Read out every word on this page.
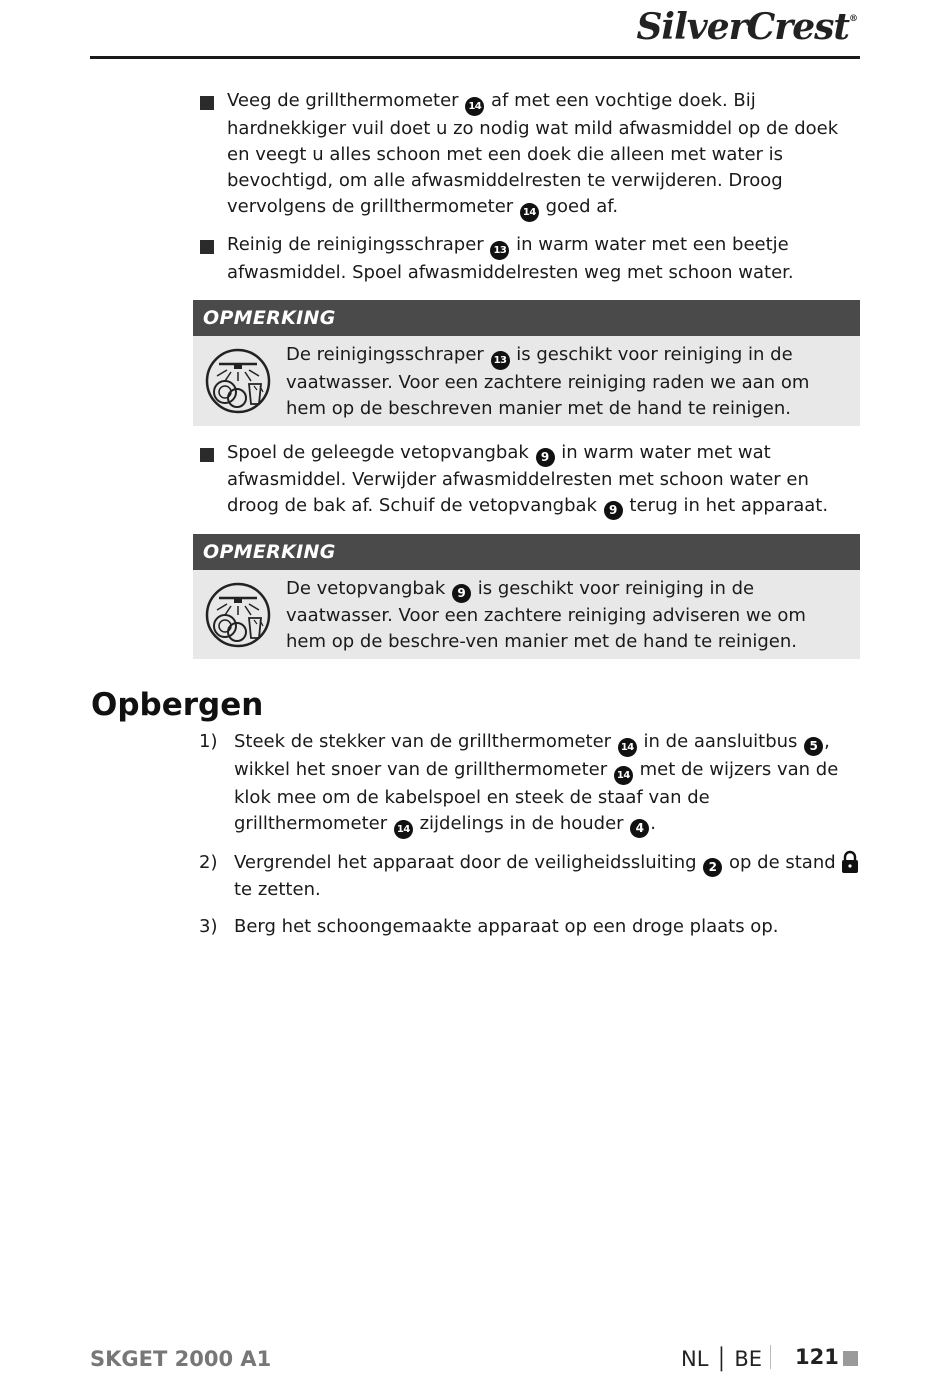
SilverCrest®
Veeg de grillthermometer 14 af met een vochtige doek. Bij hardnekkiger vuil doet u zo nodig wat mild afwasmiddel op de doek en veegt u alles schoon met een doek die alleen met water is bevochtigd, om alle afwasmiddelresten te verwijderen. Droog vervolgens de grillthermometer 14 goed af.
Reinig de reinigingsschraper 13 in warm water met een beetje afwasmiddel. Spoel afwasmiddelresten weg met schoon water.
OPMERKING
De reinigingsschraper 13 is geschikt voor reiniging in de vaatwasser. Voor een zachtere reiniging raden we aan om hem op de beschreven manier met de hand te reinigen.
Spoel de geleegde vetopvangbak 9 in warm water met wat afwasmiddel. Verwijder afwasmiddelresten met schoon water en droog de bak af. Schuif de vetopvangbak 9 terug in het apparaat.
OPMERKING
De vetopvangbak 9 is geschikt voor reiniging in de vaatwasser. Voor een zachtere reiniging adviseren we om hem op de beschre-ven manier met de hand te reinigen.
Opbergen
1) Steek de stekker van de grillthermometer 14 in de aansluitbus 5 , wikkel het snoer van de grillthermometer 14 met de wijzers van de klok mee om de kabelspoel en steek de staaf van de grillthermometer 14 zijdelings in de houder 4 .
2) Vergrendel het apparaat door de veiligheidssluiting 2 op de stand  te zetten.
3) Berg het schoongemaakte apparaat op een droge plaats op.
SKGET 2000 A1	NL │ BE 121
